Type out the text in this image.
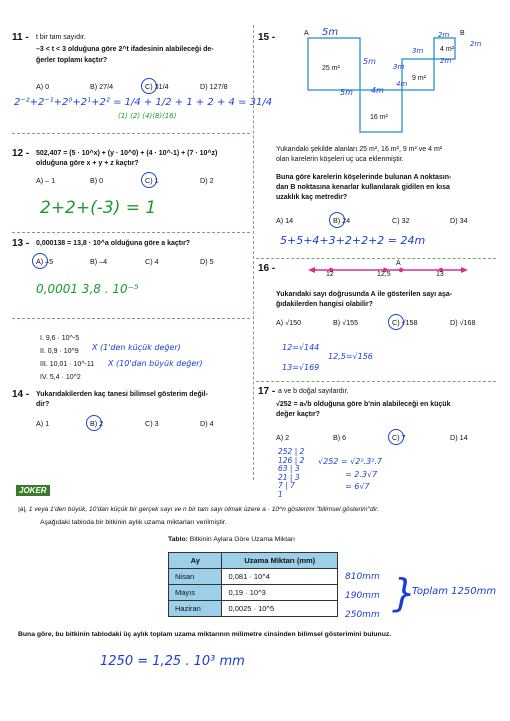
11 - t bir tam sayıdır.
–3 < t < 3 olduğuna göre 2^t ifadesinin alabileceği de-
ğerler toplamı kaçtır?
A) 0	B) 27/4	C) 31/4	D) 127/8
2⁻²+2⁻¹+2⁰+2¹+2² = 1/4 + 1/2 + 1 + 2 + 4 = 31/4
(1) (2) (4)(8)(16)
12 - 502,407 = (5 · 10^x) + (y · 10^0) + (4 · 10^-1) + (7 · 10^z)
olduğuna göre x + y + z kaçtır?
A) – 1	B) 0	C) 1	D) 2
2+2+(-3) = 1
13 - 0,000138 = 13,8 · 10^a olduğuna göre a kaçtır?
A) –5	B) –4	C) 4	D) 5
0,0001 3,8 . 10⁻⁵
I. 9,6 · 10^-5
II. 0,9 · 10^9
III. 10,01 · 10^-11
IV. 5,4 · 10^2
X (1'den küçük değer)
X (10'dan büyük değer)
14 - Yukarıdakilerden kaç tanesi bilimsel gösterim değil-
dir?
A) 1	B) 2	C) 3	D) 4
15 -	A	B
25 m²
16 m²
9 m²
4 m²
5m
5m
5m 4m
4m
3m
3m
2m
2m
2m
Yukarıdaki şekilde alanları 25 m², 16 m², 9 m² ve 4 m²
olan karelerin köşeleri uç uca eklenmiştir.
Buna göre karelerin köşelerinde bulunan A noktasın-
dan B noktasına kenarlar kullanılarak gidilen en kısa
uzaklık kaç metredir?
A) 14	B) 24	C) 32	D) 34
5+5+4+3+2+2+2 = 24m
16 -	A
12	12,5	13
Yukarıdaki sayı doğrusunda A ile gösterilen sayı aşa-
ğıdakilerden hangisi olabilir?
A) √150	B) √155	C) √158	D) √168
12=√144
13=√169
12,5=√156
17 - a ve b doğal sayılardır.
√252 = a√b olduğuna göre b'nin alabileceği en küçük
değer kaçtır?
A) 2	B) 6	C) 7	D) 14
252 | 2
126 | 2
63 | 3
21 | 3
7 | 7
1
√252 = √2².3².7
= 2.3√7
= 6√7
JOKER
|a|, 1 veya 1'den büyük, 10'dan küçük bir gerçek sayı ve n bir tam sayı olmak üzere a · 10^n gösterimi "bilimsel gösterim"dir.
Aşağıdaki tabloda bir bitkinin aylık uzama miktarları verilmiştir.
Tablo: Bitkinin Aylara Göre Uzama Miktarı
Ay	Uzama Miktarı (mm)
Nisan	0,081 · 10^4
Mayıs	0,19 · 10^3
Haziran	0,0025 · 10^5
810mm
190mm
250mm }
Toplam 1250mm
Buna göre, bu bitkinin tablodaki üç aylık toplam uzama miktarının milimetre cinsinden bilimsel gösterimini bulunuz.
1250 = 1,25 . 10³ mm
